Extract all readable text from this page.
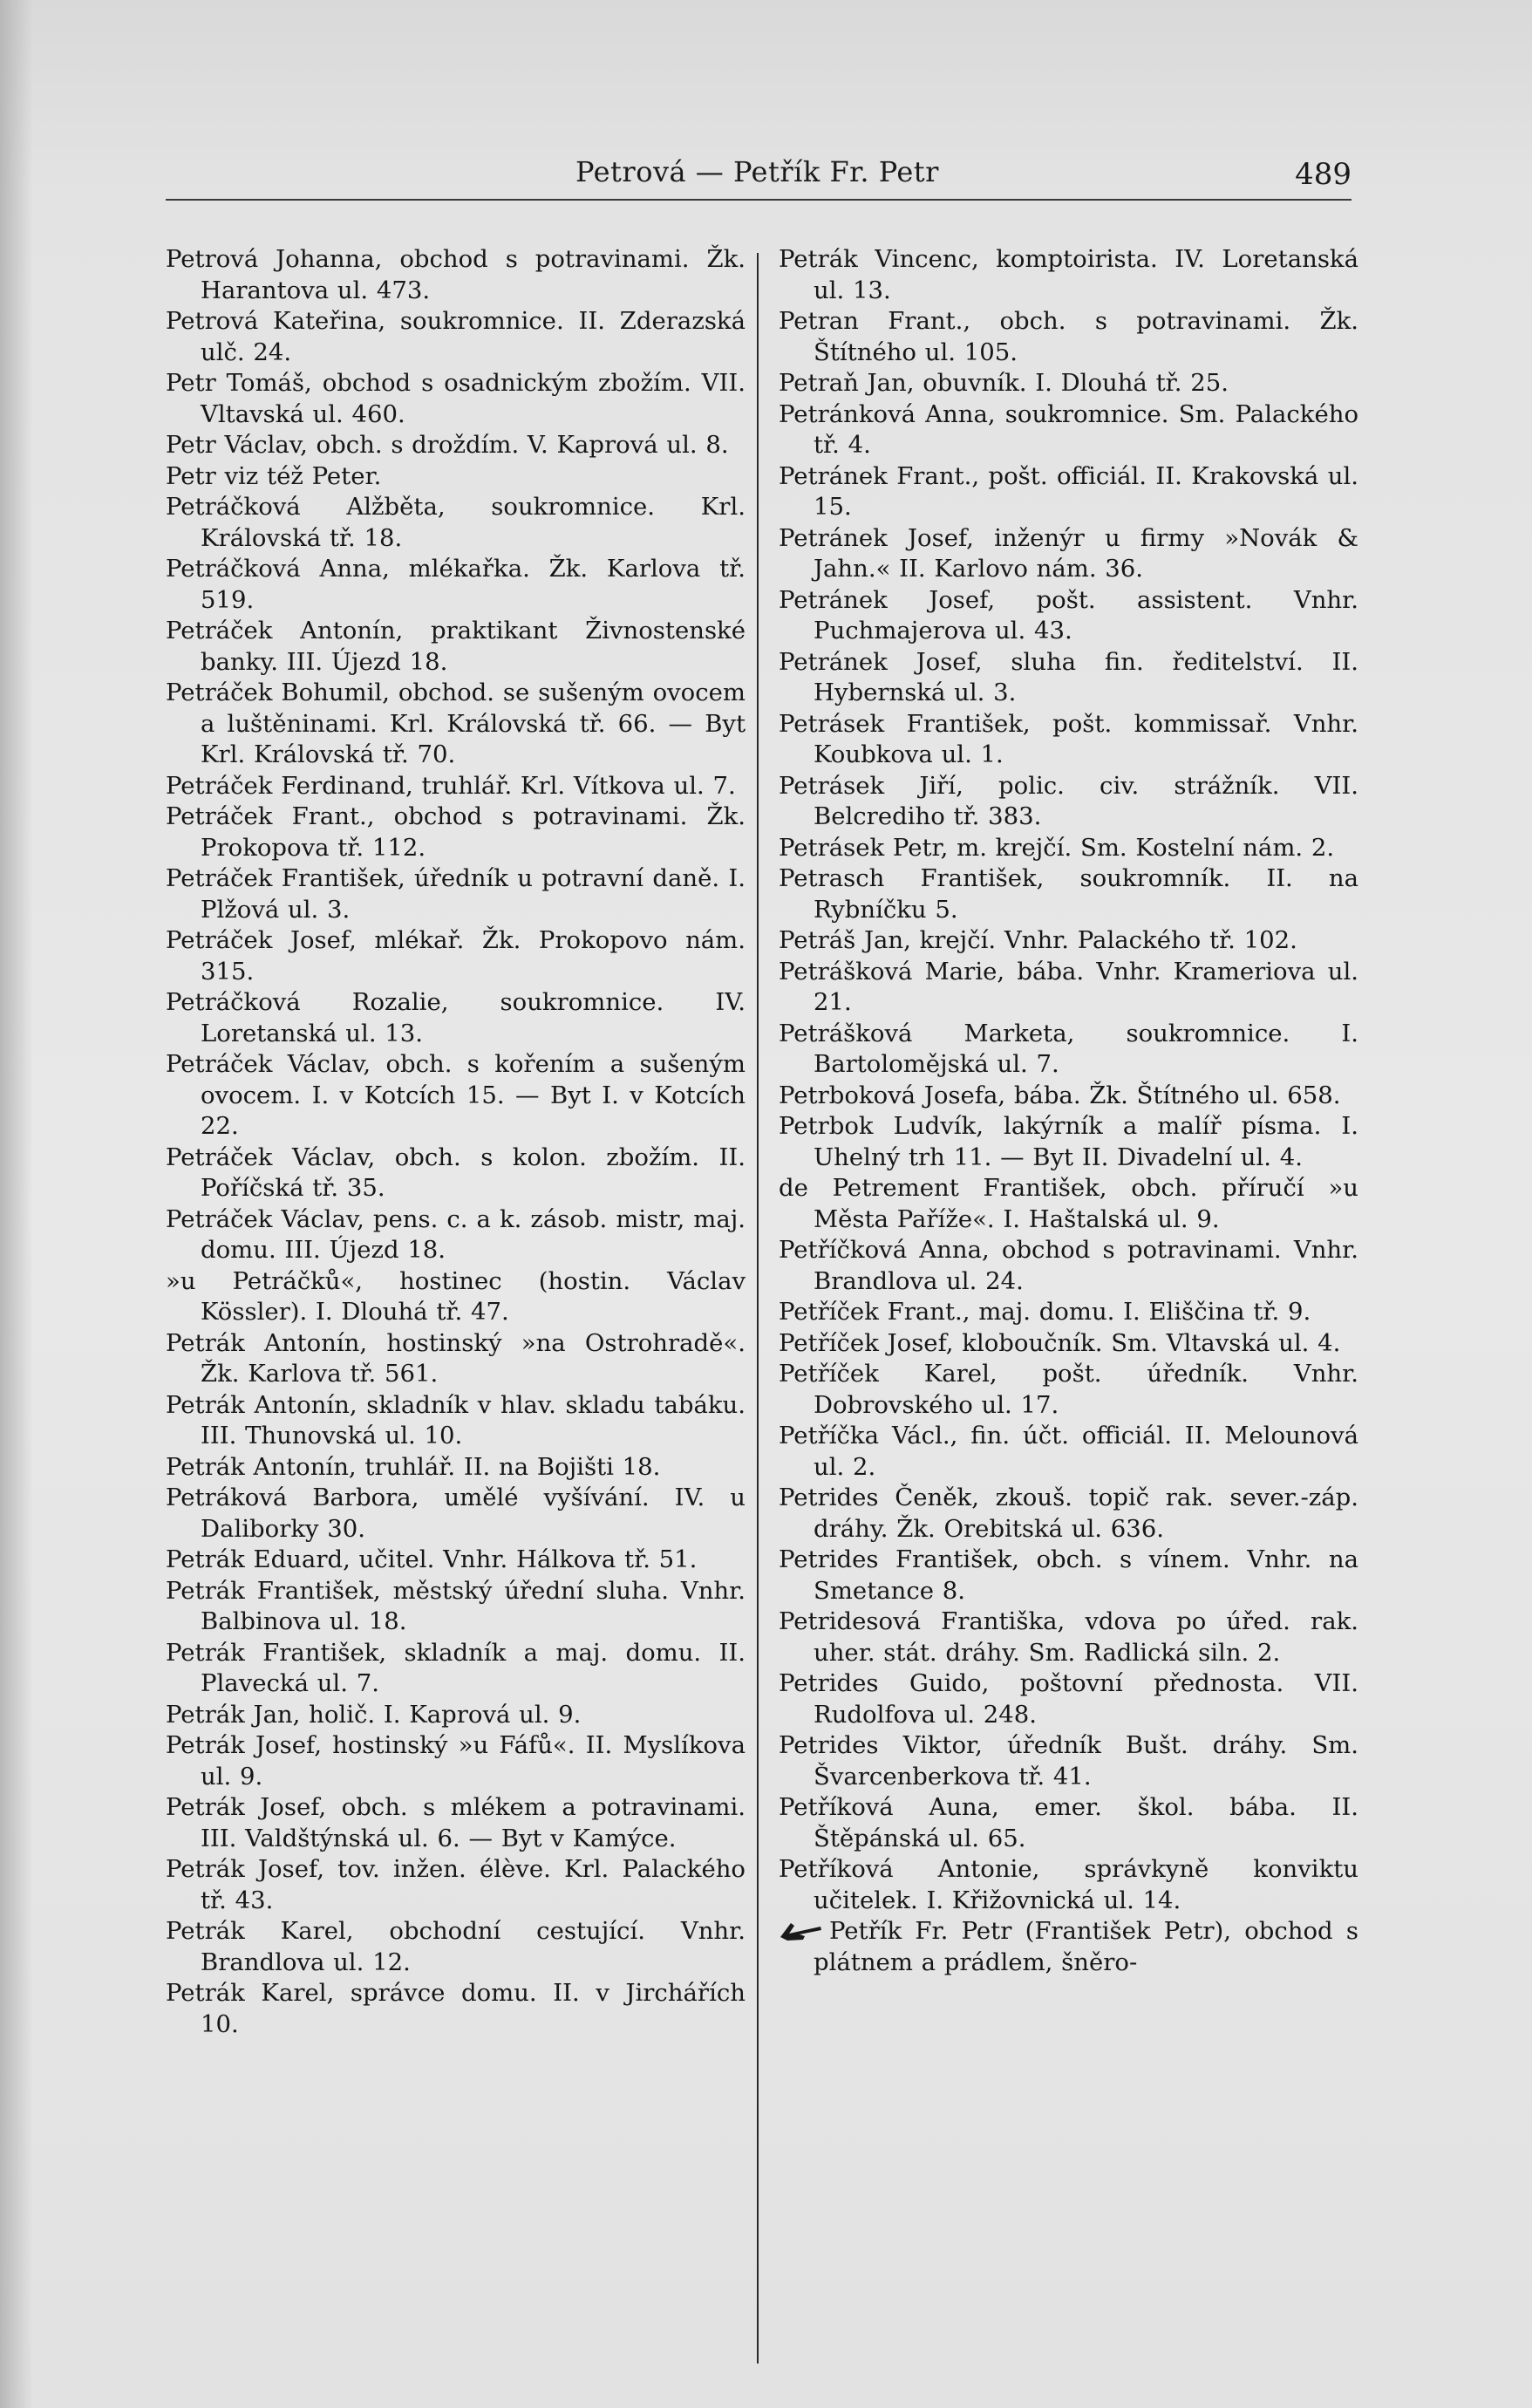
Petrová — Petřík Fr. Petr	489

Petrová Johanna, obchod s potravinami. Žk. Harantova ul. 473.

Petrová Kateřina, soukromnice. II. Zderazská ulč. 24.

Petr Tomáš, obchod s osadnickým zbožím. VII. Vltavská ul. 460.

Petr Václav, obch. s droždím. V. Kaprová ul. 8.

Petr viz též Peter.

Petráčková Alžběta, soukromnice. Krl. Královská tř. 18.

Petráčková Anna, mlékařka. Žk. Karlova tř. 519.

Petráček Antonín, praktikant Živnostenské banky. III. Újezd 18.

Petráček Bohumil, obchod. se sušeným ovocem a luštěninami. Krl. Královská tř. 66. — Byt Krl. Královská tř. 70.

Petráček Ferdinand, truhlář. Krl. Vítkova ul. 7.

Petráček Frant., obchod s potravinami. Žk. Prokopova tř. 112.

Petráček František, úředník u potravní daně. I. Plžová ul. 3.

Petráček Josef, mlékař. Žk. Prokopovo nám. 315.

Petráčková Rozalie, soukromnice. IV. Loretanská ul. 13.

Petráček Václav, obch. s kořením a sušeným ovocem. I. v Kotcích 15. — Byt I. v Kotcích 22.

Petráček Václav, obch. s kolon. zbožím. II. Poříčská tř. 35.

Petráček Václav, pens. c. a k. zásob. mistr, maj. domu. III. Újezd 18.

»u Petráčků«, hostinec (hostin. Václav Kössler). I. Dlouhá tř. 47.

Petrák Antonín, hostinský »na Ostrohradě«. Žk. Karlova tř. 561.

Petrák Antonín, skladník v hlav. skladu tabáku. III. Thunovská ul. 10.

Petrák Antonín, truhlář. II. na Bojišti 18.

Petráková Barbora, umělé vyšívání. IV. u Daliborky 30.

Petrák Eduard, učitel. Vnhr. Hálkova tř. 51.

Petrák František, městský úřední sluha. Vnhr. Balbinova ul. 18.

Petrák František, skladník a maj. domu. II. Plavecká ul. 7.

Petrák Jan, holič. I. Kaprová ul. 9.

Petrák Josef, hostinský »u Fáfů«. II. Myslíkova ul. 9.

Petrák Josef, obch. s mlékem a potravinami. III. Valdštýnská ul. 6. — Byt v Kamýce.

Petrák Josef, tov. inžen. élève. Krl. Palackého tř. 43.

Petrák Karel, obchodní cestující. Vnhr. Brandlova ul. 12.

Petrák Karel, správce domu. II. v Jirchářích 10.

Petrák Vincenc, komptoirista. IV. Loretanská ul. 13.

Petran Frant., obch. s potravinami. Žk. Štítného ul. 105.

Petraň Jan, obuvník. I. Dlouhá tř. 25.

Petránková Anna, soukromnice. Sm. Palackého tř. 4.

Petránek Frant., pošt. officiál. II. Krakovská ul. 15.

Petránek Josef, inženýr u firmy »Novák & Jahn.« II. Karlovo nám. 36.

Petránek Josef, pošt. assistent. Vnhr. Puchmajerova ul. 43.

Petránek Josef, sluha fin. ředitelství. II. Hybernská ul. 3.

Petrásek František, pošt. kommissař. Vnhr. Koubkova ul. 1.

Petrásek Jiří, polic. civ. strážník. VII. Belcrediho tř. 383.

Petrásek Petr, m. krejčí. Sm. Kostelní nám. 2.

Petrasch František, soukromník. II. na Rybníčku 5.

Petráš Jan, krejčí. Vnhr. Palackého tř. 102.

Petrášková Marie, bába. Vnhr. Krameriova ul. 21.

Petrášková Marketa, soukromnice. I. Bartolomějská ul. 7.

Petrboková Josefa, bába. Žk. Štítného ul. 658.

Petrbok Ludvík, lakýrník a malíř písma. I. Uhelný trh 11. — Byt II. Divadelní ul. 4.

de Petrement František, obch. příručí »u Města Paříže«. I. Haštalská ul. 9.

Petříčková Anna, obchod s potravinami. Vnhr. Brandlova ul. 24.

Petříček Frant., maj. domu. I. Eliščina tř. 9.

Petříček Josef, kloboučník. Sm. Vltavská ul. 4.

Petříček Karel, pošt. úředník. Vnhr. Dobrovského ul. 17.

Petříčka Václ., fin. účt. officiál. II. Melounová ul. 2.

Petrides Čeněk, zkouš. topič rak. sever.-záp. dráhy. Žk. Orebitská ul. 636.

Petrides František, obch. s vínem. Vnhr. na Smetance 8.

Petridesová Františka, vdova po úřed. rak. uher. stát. dráhy. Sm. Radlická siln. 2.

Petrides Guido, poštovní přednosta. VII. Rudolfova ul. 248.

Petrides Viktor, úředník Bušt. dráhy. Sm. Švarcenberkova tř. 41.

Petříková Auna, emer. škol. bába. II. Štěpánská ul. 65.

Petříková Antonie, správkyně konviktu učitelek. I. Křižovnická ul. 14.

Petřík Fr. Petr (František Petr), obchod s plátnem a prádlem, šněro-
